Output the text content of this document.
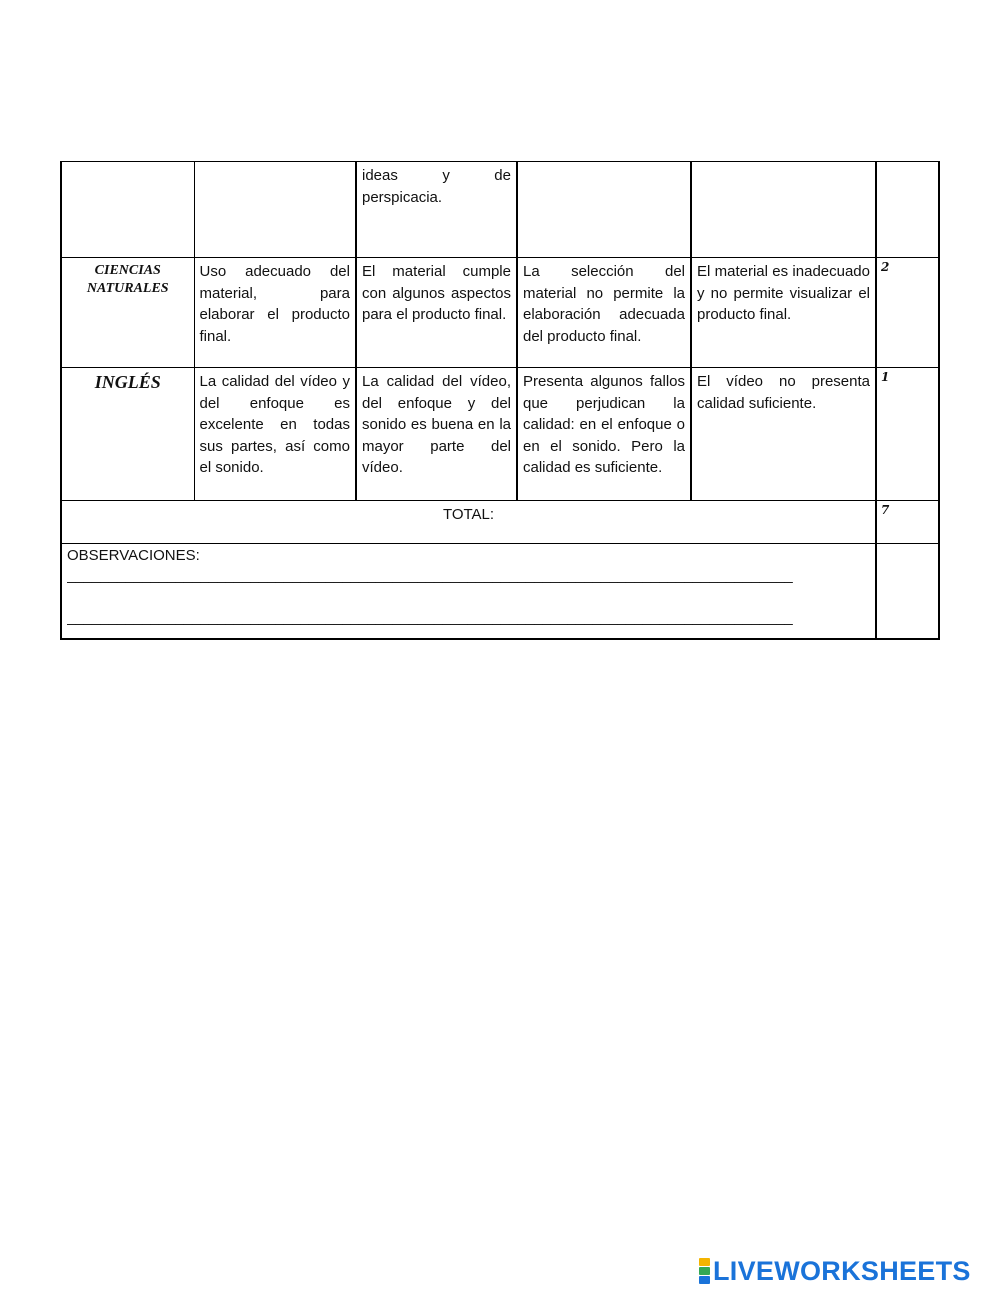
		ideas y de perspicacia.			
CIENCIAS NATURALES	Uso adecuado del material, para elaborar el producto final.	El material cumple con algunos aspectos para el producto final.	La selección del material no permite la elaboración adecuada del producto final.	El material es inadecuado y no permite visualizar el producto final.	2
INGLÉS	La calidad del vídeo y del enfoque es excelente en todas sus partes, así como el sonido.	La calidad del vídeo, del enfoque y del sonido es buena en la mayor parte del vídeo.	Presenta algunos fallos que perjudican la calidad: en el enfoque o en el sonido. Pero la calidad es suficiente.	El vídeo no presenta calidad suficiente.	1
TOTAL:					7

OBSERVACIONES:
_______________________________________________________________________________________
_______________________________________________________________________________________					

LIVEWORKSHEETS
